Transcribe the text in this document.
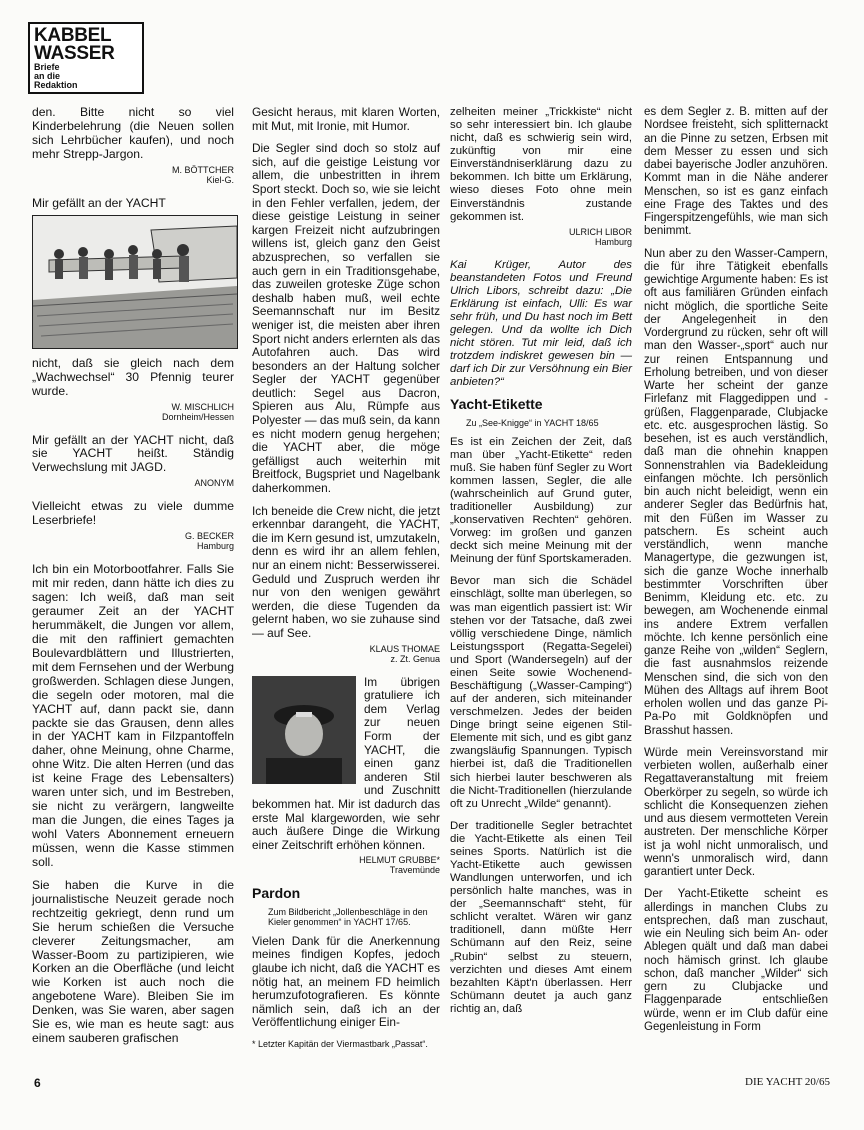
KABBEL
WASSER
Briefe
an die
Redaktion

den. Bitte nicht so viel Kinderbelehrung (die Neuen sollen sich Lehrbücher kaufen), und noch mehr Strepp-Jargon.

M. BÖTTCHER
Kiel-G.

Mir gefällt an der YACHT

nicht, daß sie gleich nach dem „Wachwechsel“ 30 Pfennig teurer wurde.

W. MISCHLICH
Dornheim/Hessen

Mir gefällt an der YACHT nicht, daß sie YACHT heißt. Ständig Verwechslung mit JAGD.

ANONYM

Vielleicht etwas zu viele dumme Leserbriefe!

G. BECKER
Hamburg

Ich bin ein Motorbootfahrer. Falls Sie mit mir reden, dann hätte ich dies zu sagen: Ich weiß, daß man seit geraumer Zeit an der YACHT herummäkelt, die Jungen vor allem, die mit den raffiniert gemachten Boulevardblättern und Illustrierten, mit dem Fernsehen und der Werbung großwerden. Schlagen diese Jungen, die segeln oder motoren, mal die YACHT auf, dann packt sie, dann packte sie das Grausen, denn alles in der YACHT kam in Filzpantoffeln daher, ohne Meinung, ohne Charme, ohne Witz. Die alten Herren (und das ist keine Frage des Lebensalters) waren unter sich, und im Bestreben, sie nicht zu verärgern, langweilte man die Jungen, die eines Tages ja wohl Vaters Abonnement erneuern müssen, wenn die Kasse stimmen soll.

Sie haben die Kurve in die journalistische Neuzeit gerade noch rechtzeitig gekriegt, denn rund um Sie herum schießen die Versuche cleverer Zeitungsmacher, am Wasser-Boom zu partizipieren, wie Korken an die Oberfläche (und leicht wie Korken ist auch noch die angebotene Ware). Bleiben Sie im Denken, was Sie waren, aber sagen Sie es, wie man es heute sagt: aus einem sauberen grafischen

Gesicht heraus, mit klaren Worten, mit Mut, mit Ironie, mit Humor.

Die Segler sind doch so stolz auf sich, auf die geistige Leistung vor allem, die unbestritten in ihrem Sport steckt. Doch so, wie sie leicht in den Fehler verfallen, jedem, der diese geistige Leistung in seiner kargen Freizeit nicht aufzubringen willens ist, gleich ganz den Geist abzusprechen, so verfallen sie auch gern in ein Traditionsgehabe, das zuweilen groteske Züge schon deshalb haben muß, weil echte Seemannschaft nur im Besitz weniger ist, die meisten aber ihren Sport nicht anders erlernten als das Autofahren auch. Das wird besonders an der Haltung solcher Segler der YACHT gegenüber deutlich: Segel aus Dacron, Spieren aus Alu, Rümpfe aus Polyester — das muß sein, da kann es nicht modern genug hergehen; die YACHT aber, die möge gefälligst auch weiterhin mit Breitfock, Bugspriet und Nagelbank daherkommen.

Ich beneide die Crew nicht, die jetzt erkennbar darangeht, die YACHT, die im Kern gesund ist, umzutakeln, denn es wird ihr an allem fehlen, nur an einem nicht: Besserwisserei. Geduld und Zuspruch werden ihr nur von den wenigen gewährt werden, die diese Tugenden da gelernt haben, wo sie zuhause sind — auf See.

KLAUS THOMAE
z. Zt. Genua

Im übrigen gratuliere ich dem Verlag zur neuen Form der YACHT, die einen ganz anderen Stil und Zuschnitt bekommen hat. Mir ist dadurch das erste Mal klargeworden, wie sehr auch äußere Dinge die Wirkung einer Zeitschrift erhöhen können.

HELMUT GRUBBE*
Travemünde
Pardon
Zum Bildbericht „Jollenbeschläge in den Kieler genommen“ in YACHT 17/65.

Vielen Dank für die Anerkennung meines findigen Kopfes, jedoch glaube ich nicht, daß die YACHT es nötig hat, an meinem FD heimlich herumzufotografieren. Es könnte nämlich sein, daß ich an der Veröffentlichung einiger Ein-

* Letzter Kapitän der Viermastbark „Passat“.

zelheiten meiner „Trickkiste“ nicht so sehr interessiert bin. Ich glaube nicht, daß es schwierig sein wird, zukünftig von mir eine Einverständniserklärung dazu zu bekommen. Ich bitte um Erklärung, wieso dieses Foto ohne mein Einverständnis zustande gekommen ist.

ULRICH LIBOR
Hamburg

Kai Krüger, Autor des beanstandeten Fotos und Freund Ulrich Libors, schreibt dazu: „Die Erklärung ist einfach, Ulli: Es war sehr früh, und Du hast noch im Bett gelegen. Und da wollte ich Dich nicht stören. Tut mir leid, daß ich trotzdem indiskret gewesen bin — darf ich Dir zur Versöhnung ein Bier anbieten?“

Yacht-Etikette
Zu „See-Knigge“ in YACHT 18/65

Es ist ein Zeichen der Zeit, daß man über „Yacht-Etikette“ reden muß. Sie haben fünf Segler zu Wort kommen lassen, Segler, die alle (wahrscheinlich auf Grund guter, traditioneller Ausbildung) zur „konservativen Rechten“ gehören. Vorweg: im großen und ganzen deckt sich meine Meinung mit der Meinung der fünf Sportskameraden.

Bevor man sich die Schädel einschlägt, sollte man überlegen, so was man eigentlich passiert ist: Wir stehen vor der Tatsache, daß zwei völlig verschiedene Dinge, nämlich Leistungssport (Regatta-Segelei) und Sport (Wandersegeln) auf der einen Seite sowie Wochenend-Beschäftigung („Wasser-Camping“) auf der anderen, sich miteinander verschmelzen. Jedes der beiden Dinge bringt seine eigenen Stil-Elemente mit sich, und es gibt ganz zwangsläufig Spannungen. Typisch hierbei ist, daß die Traditionellen sich hierbei lauter beschweren als die Nicht-Traditionellen (hierzulande oft zu Unrecht „Wilde“ genannt).

Der traditionelle Segler betrachtet die Yacht-Etikette als einen Teil seines Sports. Natürlich ist die Yacht-Etikette auch gewissen Wandlungen unterworfen, und ich persönlich halte manches, was in der „Seemannschaft“ steht, für schlicht veraltet. Wären wir ganz traditionell, dann müßte Herr Schümann auf den Reiz, seine „Rubin“ selbst zu steuern, verzichten und dieses Amt einem bezahlten Käpt'n überlassen. Herr Schümann deutet ja auch ganz richtig an, daß

es dem Segler z. B. mitten auf der Nordsee freisteht, sich splitternackt an die Pinne zu setzen, Erbsen mit dem Messer zu essen und sich dabei bayerische Jodler anzuhören. Kommt man in die Nähe anderer Menschen, so ist es ganz einfach eine Frage des Taktes und des Fingerspitzengefühls, wie man sich benimmt.

Nun aber zu den Wasser-Campern, die für ihre Tätigkeit ebenfalls gewichtige Argumente haben: Es ist oft aus familiären Gründen einfach nicht möglich, die sportliche Seite der Angelegenheit in den Vordergrund zu rücken, sehr oft will man den Wasser-„sport“ auch nur zur reinen Entspannung und Erholung betreiben, und von dieser Warte her scheint der ganze Firlefanz mit Flaggedippen und -grüßen, Flaggenparade, Clubjacke etc. etc. ausgesprochen lästig. So besehen, ist es auch verständlich, daß man die ohnehin knappen Sonnenstrahlen via Badekleidung einfangen möchte. Ich persönlich bin auch nicht beleidigt, wenn ein anderer Segler das Bedürfnis hat, mit den Füßen im Wasser zu patschern. Es scheint auch verständlich, wenn manche Managertype, die gezwungen ist, sich die ganze Woche innerhalb bestimmter Vorschriften über Benimm, Kleidung etc. etc. zu bewegen, am Wochenende einmal ins andere Extrem verfallen möchte. Ich kenne persönlich eine ganze Reihe von „wilden“ Seglern, die fast ausnahmslos reizende Menschen sind, die sich von den Mühen des Alltags auf ihrem Boot erholen wollen und das ganze Pi-Pa-Po mit Goldknöpfen und Brasshut hassen.

Würde mein Vereinsvorstand mir verbieten wollen, außerhalb einer Regattaveranstaltung mit freiem Oberkörper zu segeln, so würde ich schlicht die Konsequenzen ziehen und aus diesem vermotteten Verein austreten. Der menschliche Körper ist ja wohl nicht unmoralisch, und wenn's unmoralisch wird, dann garantiert unter Deck.

Der Yacht-Etikette scheint es allerdings in manchen Clubs zu entsprechen, daß man zuschaut, wie ein Neuling sich beim An- oder Ablegen quält und daß man dabei noch hämisch grinst. Ich glaube schon, daß mancher „Wilder“ sich gern zu Clubjacke und Flaggenparade entschließen würde, wenn er im Club dafür eine Gegenleistung in Form

6	DIE YACHT 20/65
